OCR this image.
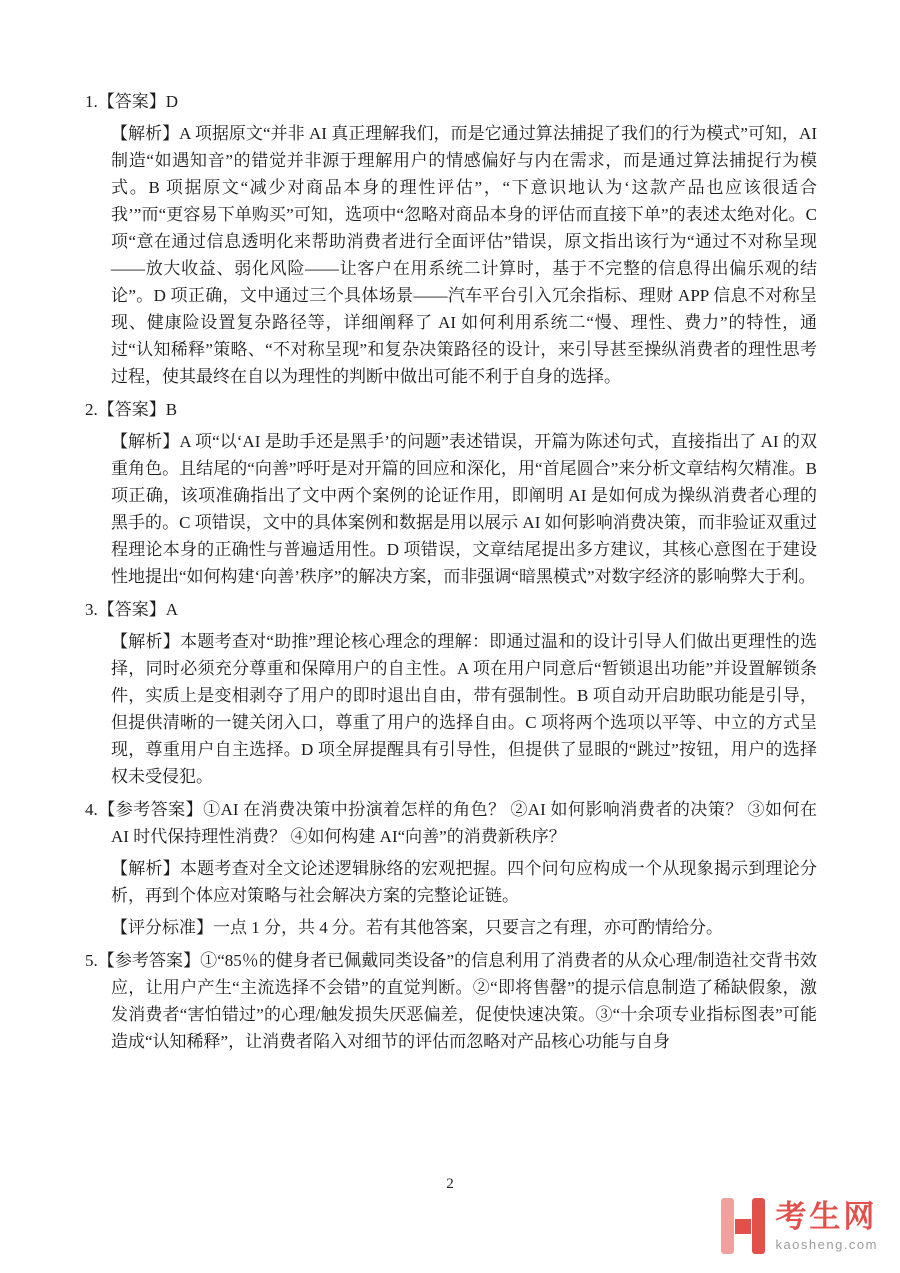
1.【答案】D

【解析】A 项据原文“并非 AI 真正理解我们，而是它通过算法捕捉了我们的行为模式”可知，AI 制造“如遇知音”的错觉并非源于理解用户的情感偏好与内在需求，而是通过算法捕捉行为模式。B 项据原文“减少对商品本身的理性评估”，“下意识地认为‘这款产品也应该很适合我’”而“更容易下单购买”可知，选项中“忽略对商品本身的评估而直接下单”的表述太绝对化。C 项“意在通过信息透明化来帮助消费者进行全面评估”错误，原文指出该行为“通过不对称呈现——放大收益、弱化风险——让客户在用系统二计算时，基于不完整的信息得出偏乐观的结论”。D 项正确，文中通过三个具体场景——汽车平台引入冗余指标、理财 APP 信息不对称呈现、健康险设置复杂路径等，详细阐释了 AI 如何利用系统二“慢、理性、费力”的特性，通过“认知稀释”策略、“不对称呈现”和复杂决策路径的设计，来引导甚至操纵消费者的理性思考过程，使其最终在自以为理性的判断中做出可能不利于自身的选择。

2.【答案】B

【解析】A 项“以‘AI 是助手还是黑手’的问题”表述错误，开篇为陈述句式，直接指出了 AI 的双重角色。且结尾的“向善”呼吁是对开篇的回应和深化，用“首尾圆合”来分析文章结构欠精准。B 项正确，该项准确指出了文中两个案例的论证作用，即阐明 AI 是如何成为操纵消费者心理的黑手的。C 项错误，文中的具体案例和数据是用以展示 AI 如何影响消费决策，而非验证双重过程理论本身的正确性与普遍适用性。D 项错误，文章结尾提出多方建议，其核心意图在于建设性地提出“如何构建‘向善’秩序”的解决方案，而非强调“暗黑模式”对数字经济的影响弊大于利。

3.【答案】A

【解析】本题考查对“助推”理论核心理念的理解：即通过温和的设计引导人们做出更理性的选择，同时必须充分尊重和保障用户的自主性。A 项在用户同意后“暂锁退出功能”并设置解锁条件，实质上是变相剥夺了用户的即时退出自由，带有强制性。B 项自动开启助眠功能是引导，但提供清晰的一键关闭入口，尊重了用户的选择自由。C 项将两个选项以平等、中立的方式呈现，尊重用户自主选择。D 项全屏提醒具有引导性，但提供了显眼的“跳过”按钮，用户的选择权未受侵犯。

4.【参考答案】①AI 在消费决策中扮演着怎样的角色？ ②AI 如何影响消费者的决策？ ③如何在 AI 时代保持理性消费？ ④如何构建 AI“向善”的消费新秩序？

【解析】本题考查对全文论述逻辑脉络的宏观把握。四个问句应构成一个从现象揭示到理论分析，再到个体应对策略与社会解决方案的完整论证链。

【评分标准】一点 1 分，共 4 分。若有其他答案，只要言之有理，亦可酌情给分。

5.【参考答案】①“85％的健身者已佩戴同类设备”的信息利用了消费者的从众心理/制造社交背书效应，让用户产生“主流选择不会错”的直觉判断。②“即将售罄”的提示信息制造了稀缺假象，激发消费者“害怕错过”的心理/触发损失厌恶偏差，促使快速决策。③“十余项专业指标图表”可能造成“认知稀释”，让消费者陷入对细节的评估而忽略对产品核心功能与自身

2
考生网
kaosheng.com
